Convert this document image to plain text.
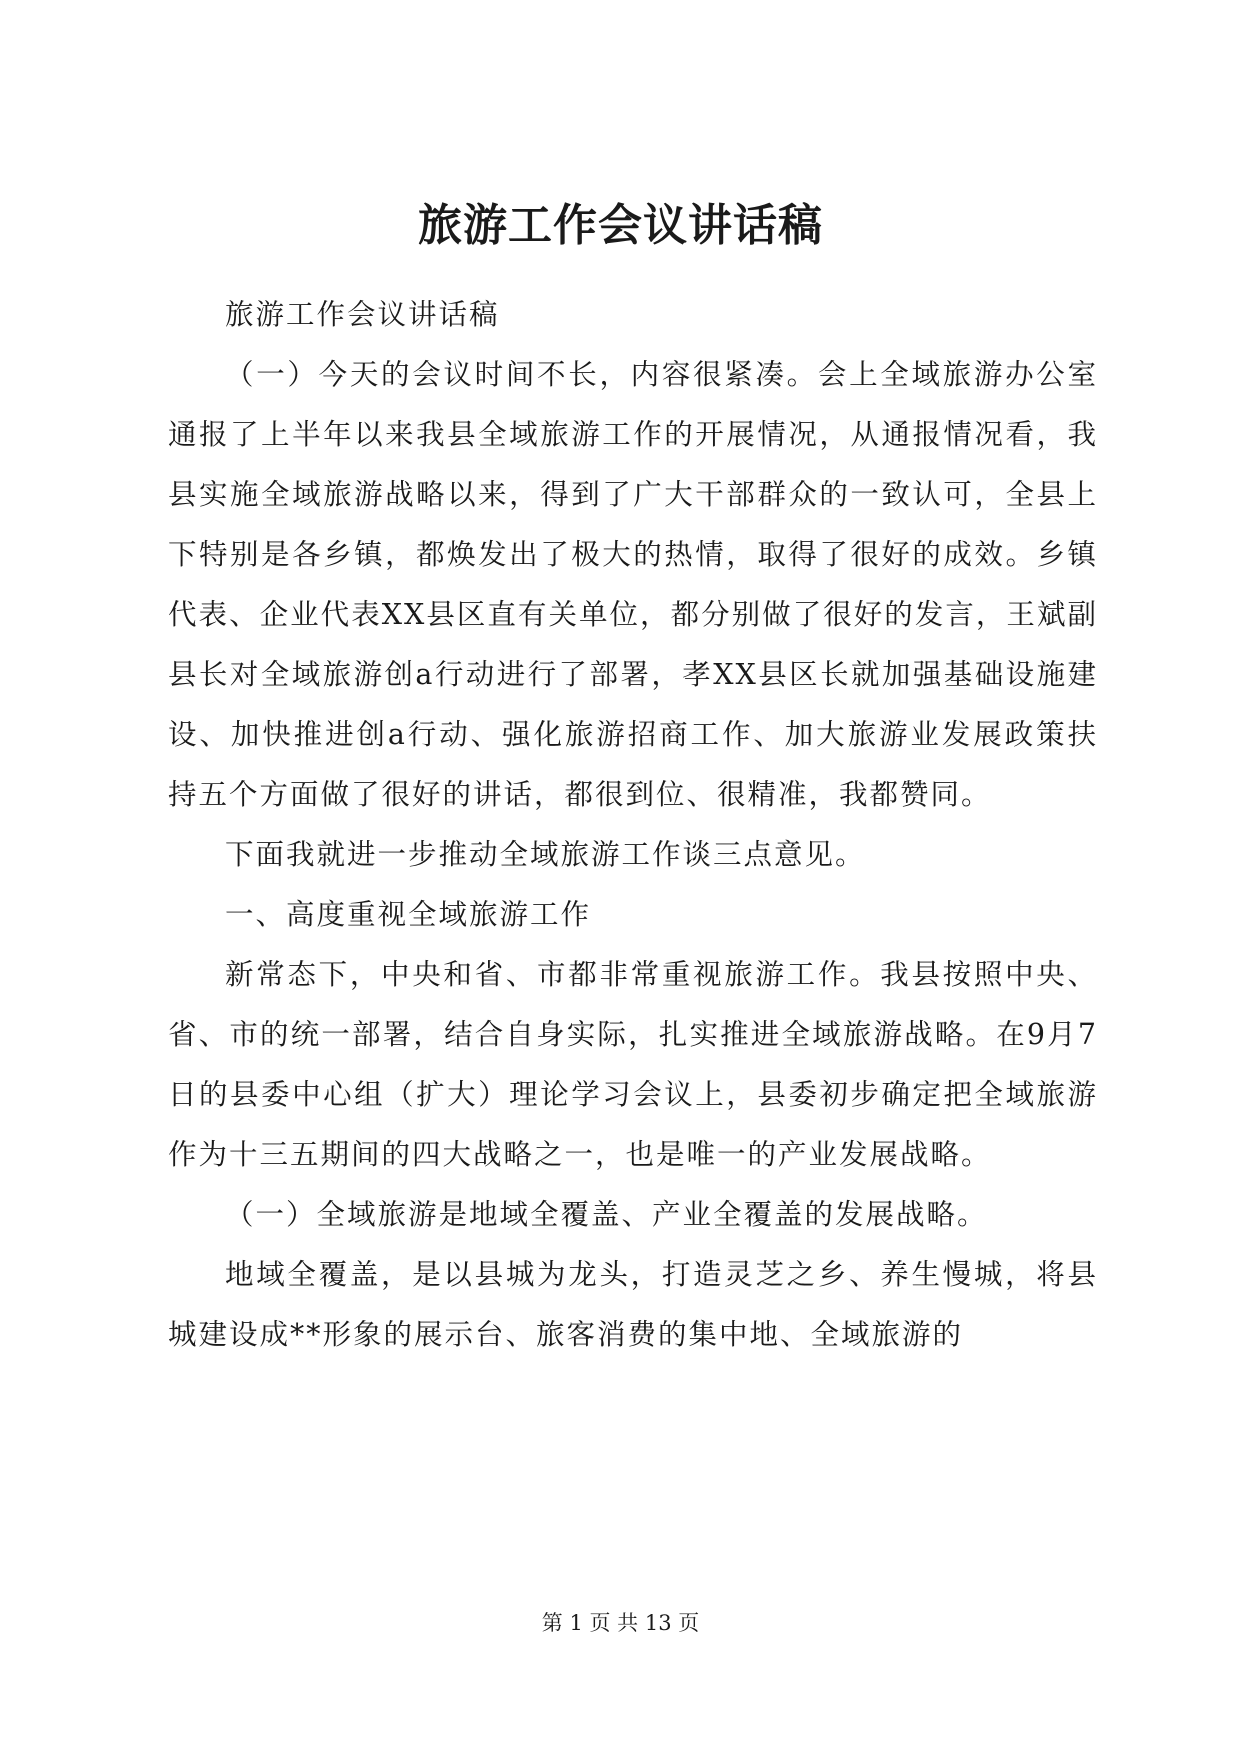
旅游工作会议讲话稿

旅游工作会议讲话稿

（一）今天的会议时间不长，内容很紧凑。会上全域旅游办公室通报了上半年以来我县全域旅游工作的开展情况，从通报情况看，我县实施全域旅游战略以来，得到了广大干部群众的一致认可，全县上下特别是各乡镇，都焕发出了极大的热情，取得了很好的成效。乡镇代表、企业代表XX县区直有关单位，都分别做了很好的发言，王斌副县长对全域旅游创a行动进行了部署，孝XX县区长就加强基础设施建设、加快推进创a行动、强化旅游招商工作、加大旅游业发展政策扶持五个方面做了很好的讲话，都很到位、很精准，我都赞同。

下面我就进一步推动全域旅游工作谈三点意见。

一、高度重视全域旅游工作

新常态下，中央和省、市都非常重视旅游工作。我县按照中央、省、市的统一部署，结合自身实际，扎实推进全域旅游战略。在9月7日的县委中心组（扩大）理论学习会议上，县委初步确定把全域旅游作为十三五期间的四大战略之一，也是唯一的产业发展战略。

（一）全域旅游是地域全覆盖、产业全覆盖的发展战略。

地域全覆盖，是以县城为龙头，打造灵芝之乡、养生慢城，将县城建设成**形象的展示台、旅客消费的集中地、全域旅游的

第 1 页 共 13 页
